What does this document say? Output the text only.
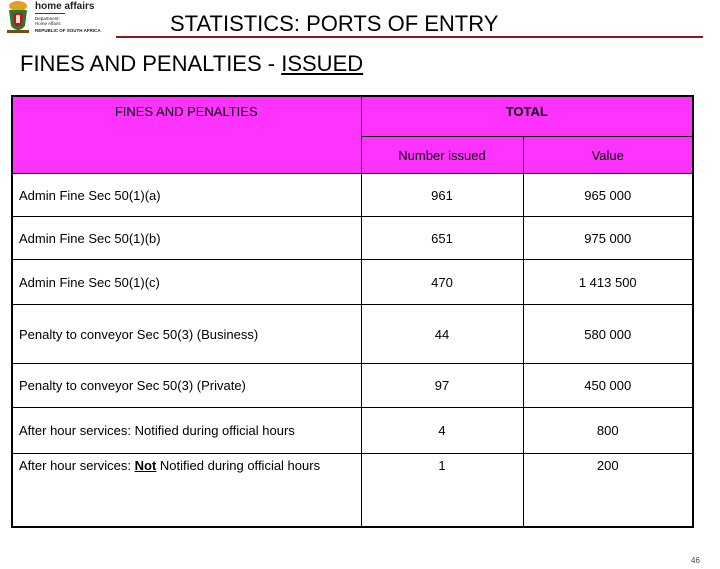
home affairs
Department:
Home Affairs
REPUBLIC OF SOUTH AFRICA	STATISTICS: PORTS OF ENTRY
FINES AND PENALTIES - ISSUED
FINES AND PENALTIES	TOTAL	
	Number issued	Value
Admin Fine Sec 50(1)(a)	961	965 000
Admin Fine Sec 50(1)(b)	651	975 000
Admin Fine Sec 50(1)(c)	470	1 413 500
Penalty to conveyor Sec 50(3) (Business)	44	580 000
Penalty to conveyor Sec 50(3) (Private)	97	450 000
After hour services: Notified during official hours	4	800
After hour services: Not Notified during official hours	1	200
46
